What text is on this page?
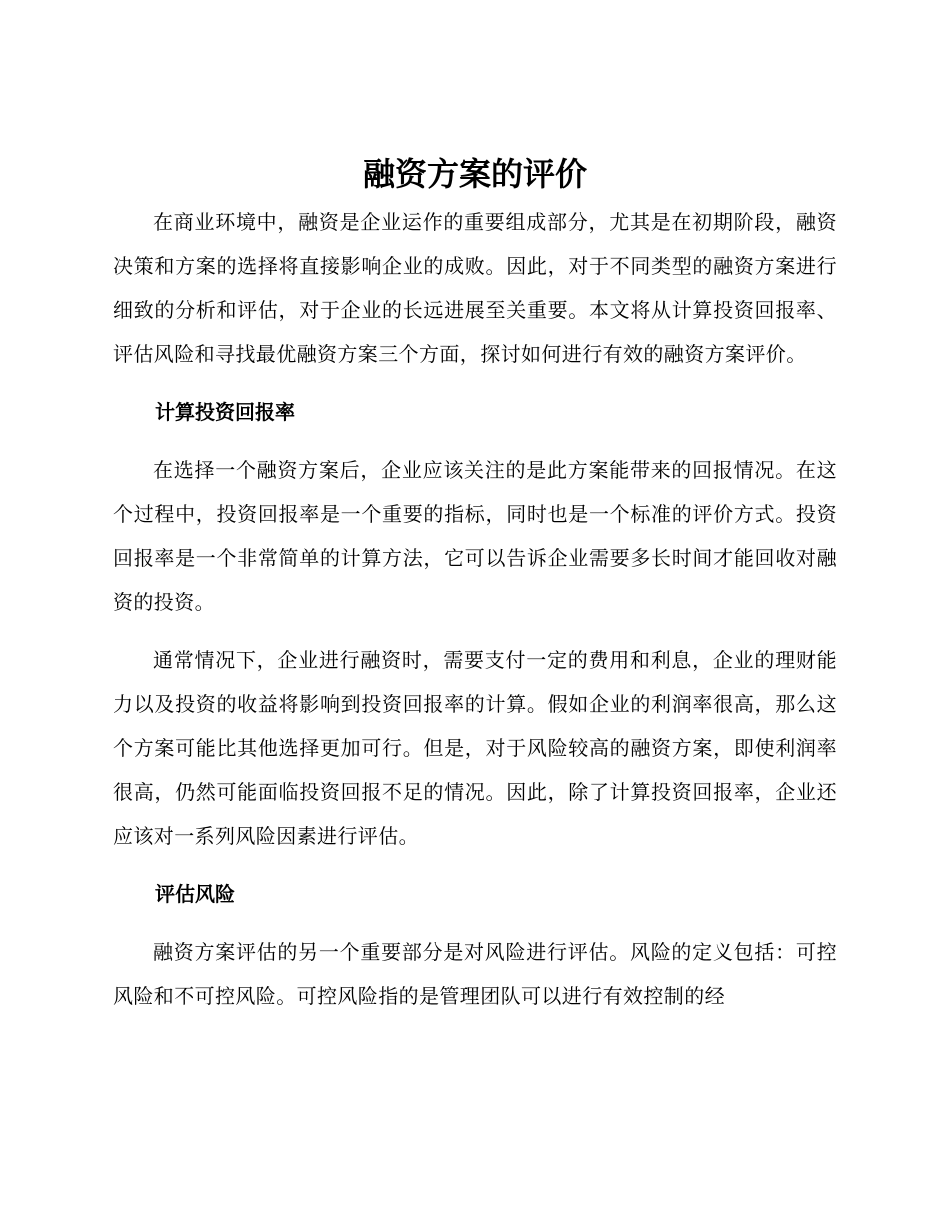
融资方案的评价

在商业环境中，融资是企业运作的重要组成部分，尤其是在初期阶段，融资决策和方案的选择将直接影响企业的成败。因此，对于不同类型的融资方案进行细致的分析和评估，对于企业的长远进展至关重要。本文将从计算投资回报率、评估风险和寻找最优融资方案三个方面，探讨如何进行有效的融资方案评价。

计算投资回报率

在选择一个融资方案后，企业应该关注的是此方案能带来的回报情况。在这个过程中，投资回报率是一个重要的指标，同时也是一个标准的评价方式。投资回报率是一个非常简单的计算方法，它可以告诉企业需要多长时间才能回收对融资的投资。

通常情况下，企业进行融资时，需要支付一定的费用和利息，企业的理财能力以及投资的收益将影响到投资回报率的计算。假如企业的利润率很高，那么这个方案可能比其他选择更加可行。但是，对于风险较高的融资方案，即使利润率很高，仍然可能面临投资回报不足的情况。因此，除了计算投资回报率，企业还应该对一系列风险因素进行评估。

评估风险

融资方案评估的另一个重要部分是对风险进行评估。风险的定义包括：可控风险和不可控风险。可控风险指的是管理团队可以进行有效控制的经
